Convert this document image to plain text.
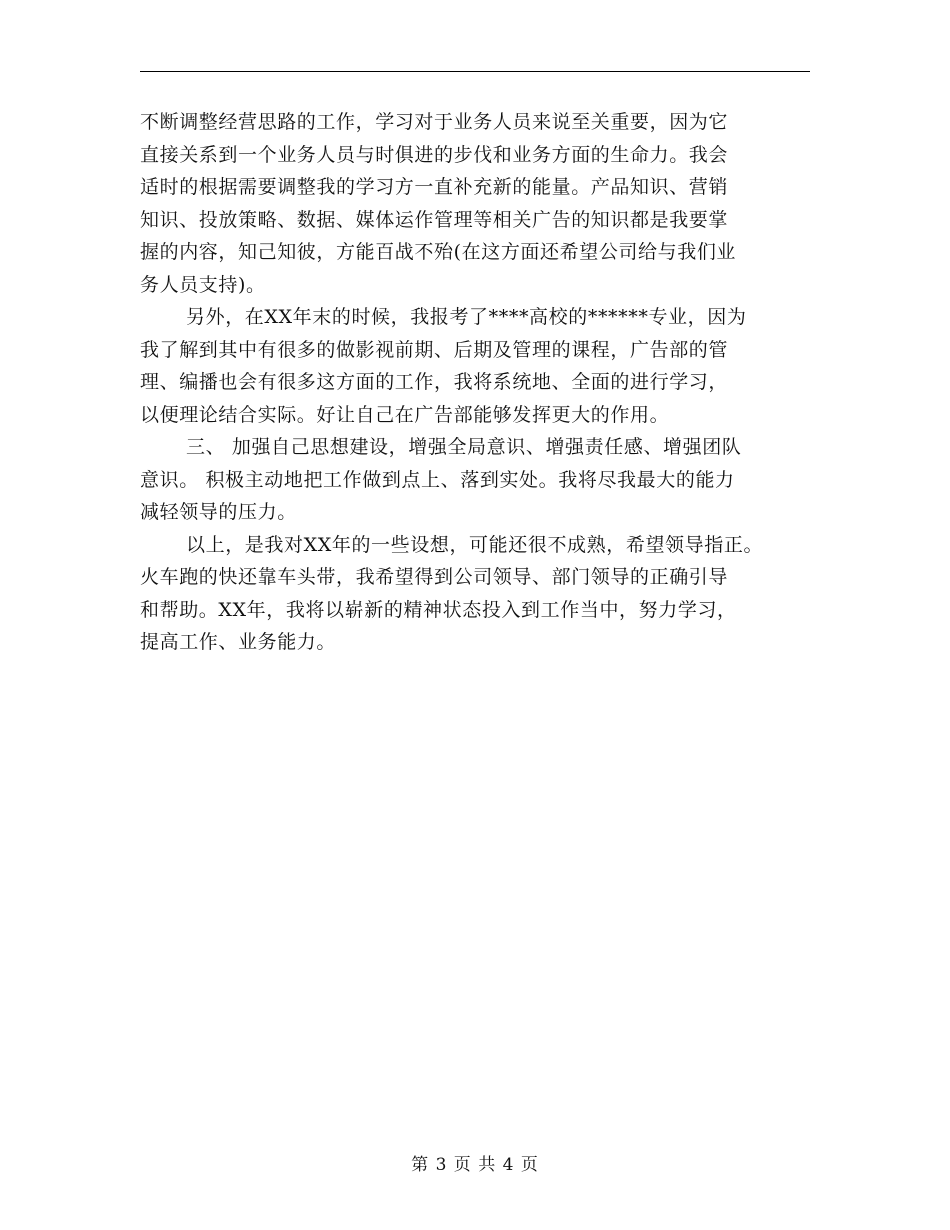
不断调整经营思路的工作，学习对于业务人员来说至关重要，因为它
直接关系到一个业务人员与时俱进的步伐和业务方面的生命力。我会
适时的根据需要调整我的学习方一直补充新的能量。产品知识、营销
知识、投放策略、数据、媒体运作管理等相关广告的知识都是我要掌
握的内容，知己知彼，方能百战不殆(在这方面还希望公司给与我们业
务人员支持)。
另外，在XX年末的时候，我报考了****高校的******专业，因为
我了解到其中有很多的做影视前期、后期及管理的课程，广告部的管
理、编播也会有很多这方面的工作，我将系统地、全面的进行学习，
以便理论结合实际。好让自己在广告部能够发挥更大的作用。
三、 加强自己思想建设，增强全局意识、增强责任感、增强团队
意识。 积极主动地把工作做到点上、落到实处。我将尽我最大的能力
减轻领导的压力。
以上，是我对XX年的一些设想，可能还很不成熟，希望领导指正。
火车跑的快还靠车头带，我希望得到公司领导、部门领导的正确引导
和帮助。XX年，我将以崭新的精神状态投入到工作当中，努力学习，
提高工作、业务能力。
第 3 页 共 4 页
